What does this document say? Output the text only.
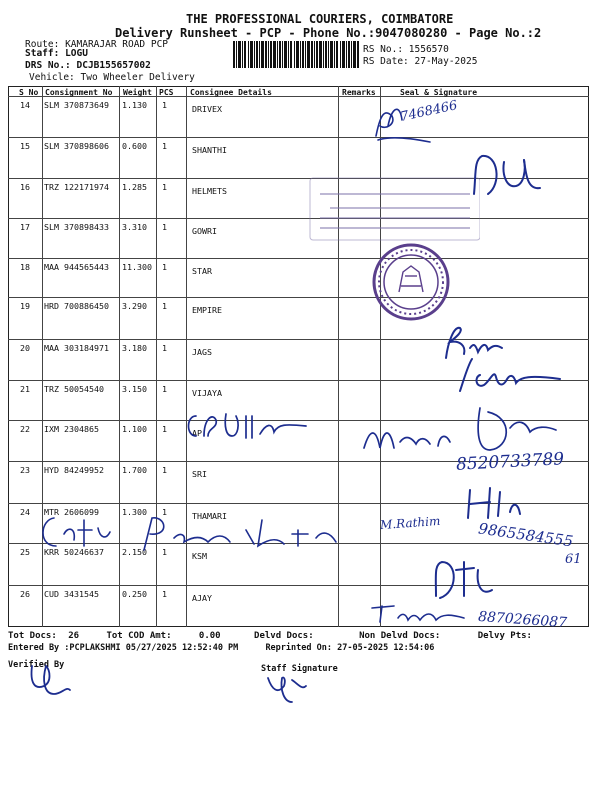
THE PROFESSIONAL COURIERS, COIMBATORE
Delivery Runsheet - PCP - Phone No.:9047080280 - Page No.:2
Route: KAMARAJAR ROAD PCP
Staff: LOGU
DRS No.: DCJB155657002
Vehicle: Two Wheeler Delivery
RS No.: 1556570
RS Date: 27-May-2025
S No Consignment No Weight PCS Consignee Details	Remarks	Seal & Signature
14 SLM 370873649 1.130 1	DRIVEX
15 SLM 370898606 0.600 1	SHANTHI
16 TRZ 122171974 1.285 1	HELMETS
17 SLM 370898433 3.310 1	GOWRI
18 MAA 944565443 11.300 1	STAR
19 HRD 700886450 3.290 1	EMPIRE
20 MAA 303184971 3.180 1	JAGS
21 TRZ 50054540 3.150 1	VIJAYA
22 IXM 2304865	1.100 1	AP
23 HYD 84249952 1.700 1	SRI
24 MTR 2606099	1.300 1	THAMARI
25 KRR 50246637 2.150 1	KSM
26 CUD 3431545	0.250 1	AJAY
7468466
8520733789
M.Rathim 9865584555
61
8870266087
Tot Docs: 26	Tot COD Amt:	0.00	Delvd Docs:	Non Delvd Docs:	Delvy Pts:
Entered By :PCPLAKSHMI 05/27/2025 12:52:40 PM	Reprinted On: 27-05-2025 12:54:06
Verified By	Staff Signature
